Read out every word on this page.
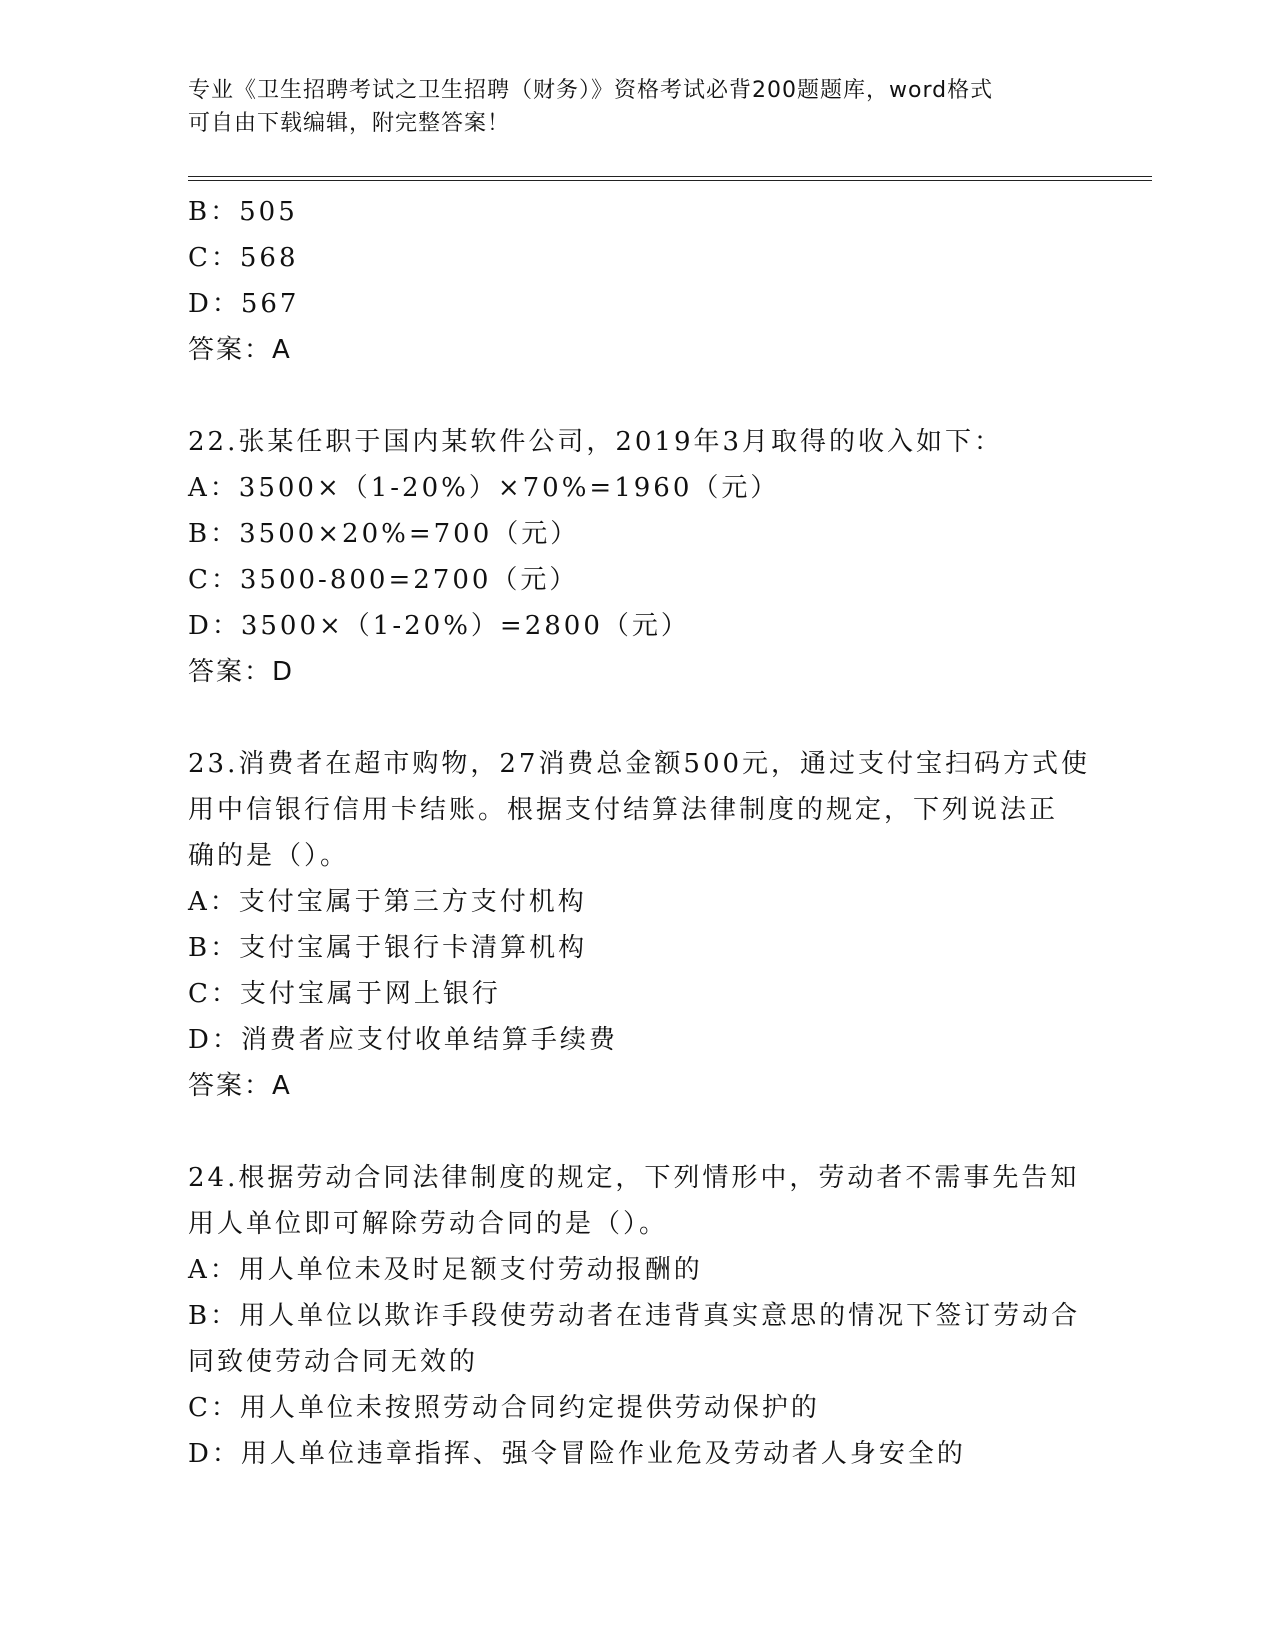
专业《卫生招聘考试之卫生招聘（财务）》资格考试必背200题题库，word格式
可自由下载编辑，附完整答案！
B：505
C：568
D：567
答案：A
22.张某任职于国内某软件公司，2019年3月取得的收入如下：
A：3500×（1-20%）×70%=1960（元）
B：3500×20%=700（元）
C：3500-800=2700（元）
D：3500×（1-20%）=2800（元）
答案：D
23.消费者在超市购物，27消费总金额500元，通过支付宝扫码方式使
用中信银行信用卡结账。根据支付结算法律制度的规定，下列说法正
确的是（）。
A：支付宝属于第三方支付机构
B：支付宝属于银行卡清算机构
C：支付宝属于网上银行
D：消费者应支付收单结算手续费
答案：A
24.根据劳动合同法律制度的规定，下列情形中，劳动者不需事先告知
用人单位即可解除劳动合同的是（）。
A：用人单位未及时足额支付劳动报酬的
B：用人单位以欺诈手段使劳动者在违背真实意思的情况下签订劳动合
同致使劳动合同无效的
C：用人单位未按照劳动合同约定提供劳动保护的
D：用人单位违章指挥、强令冒险作业危及劳动者人身安全的
